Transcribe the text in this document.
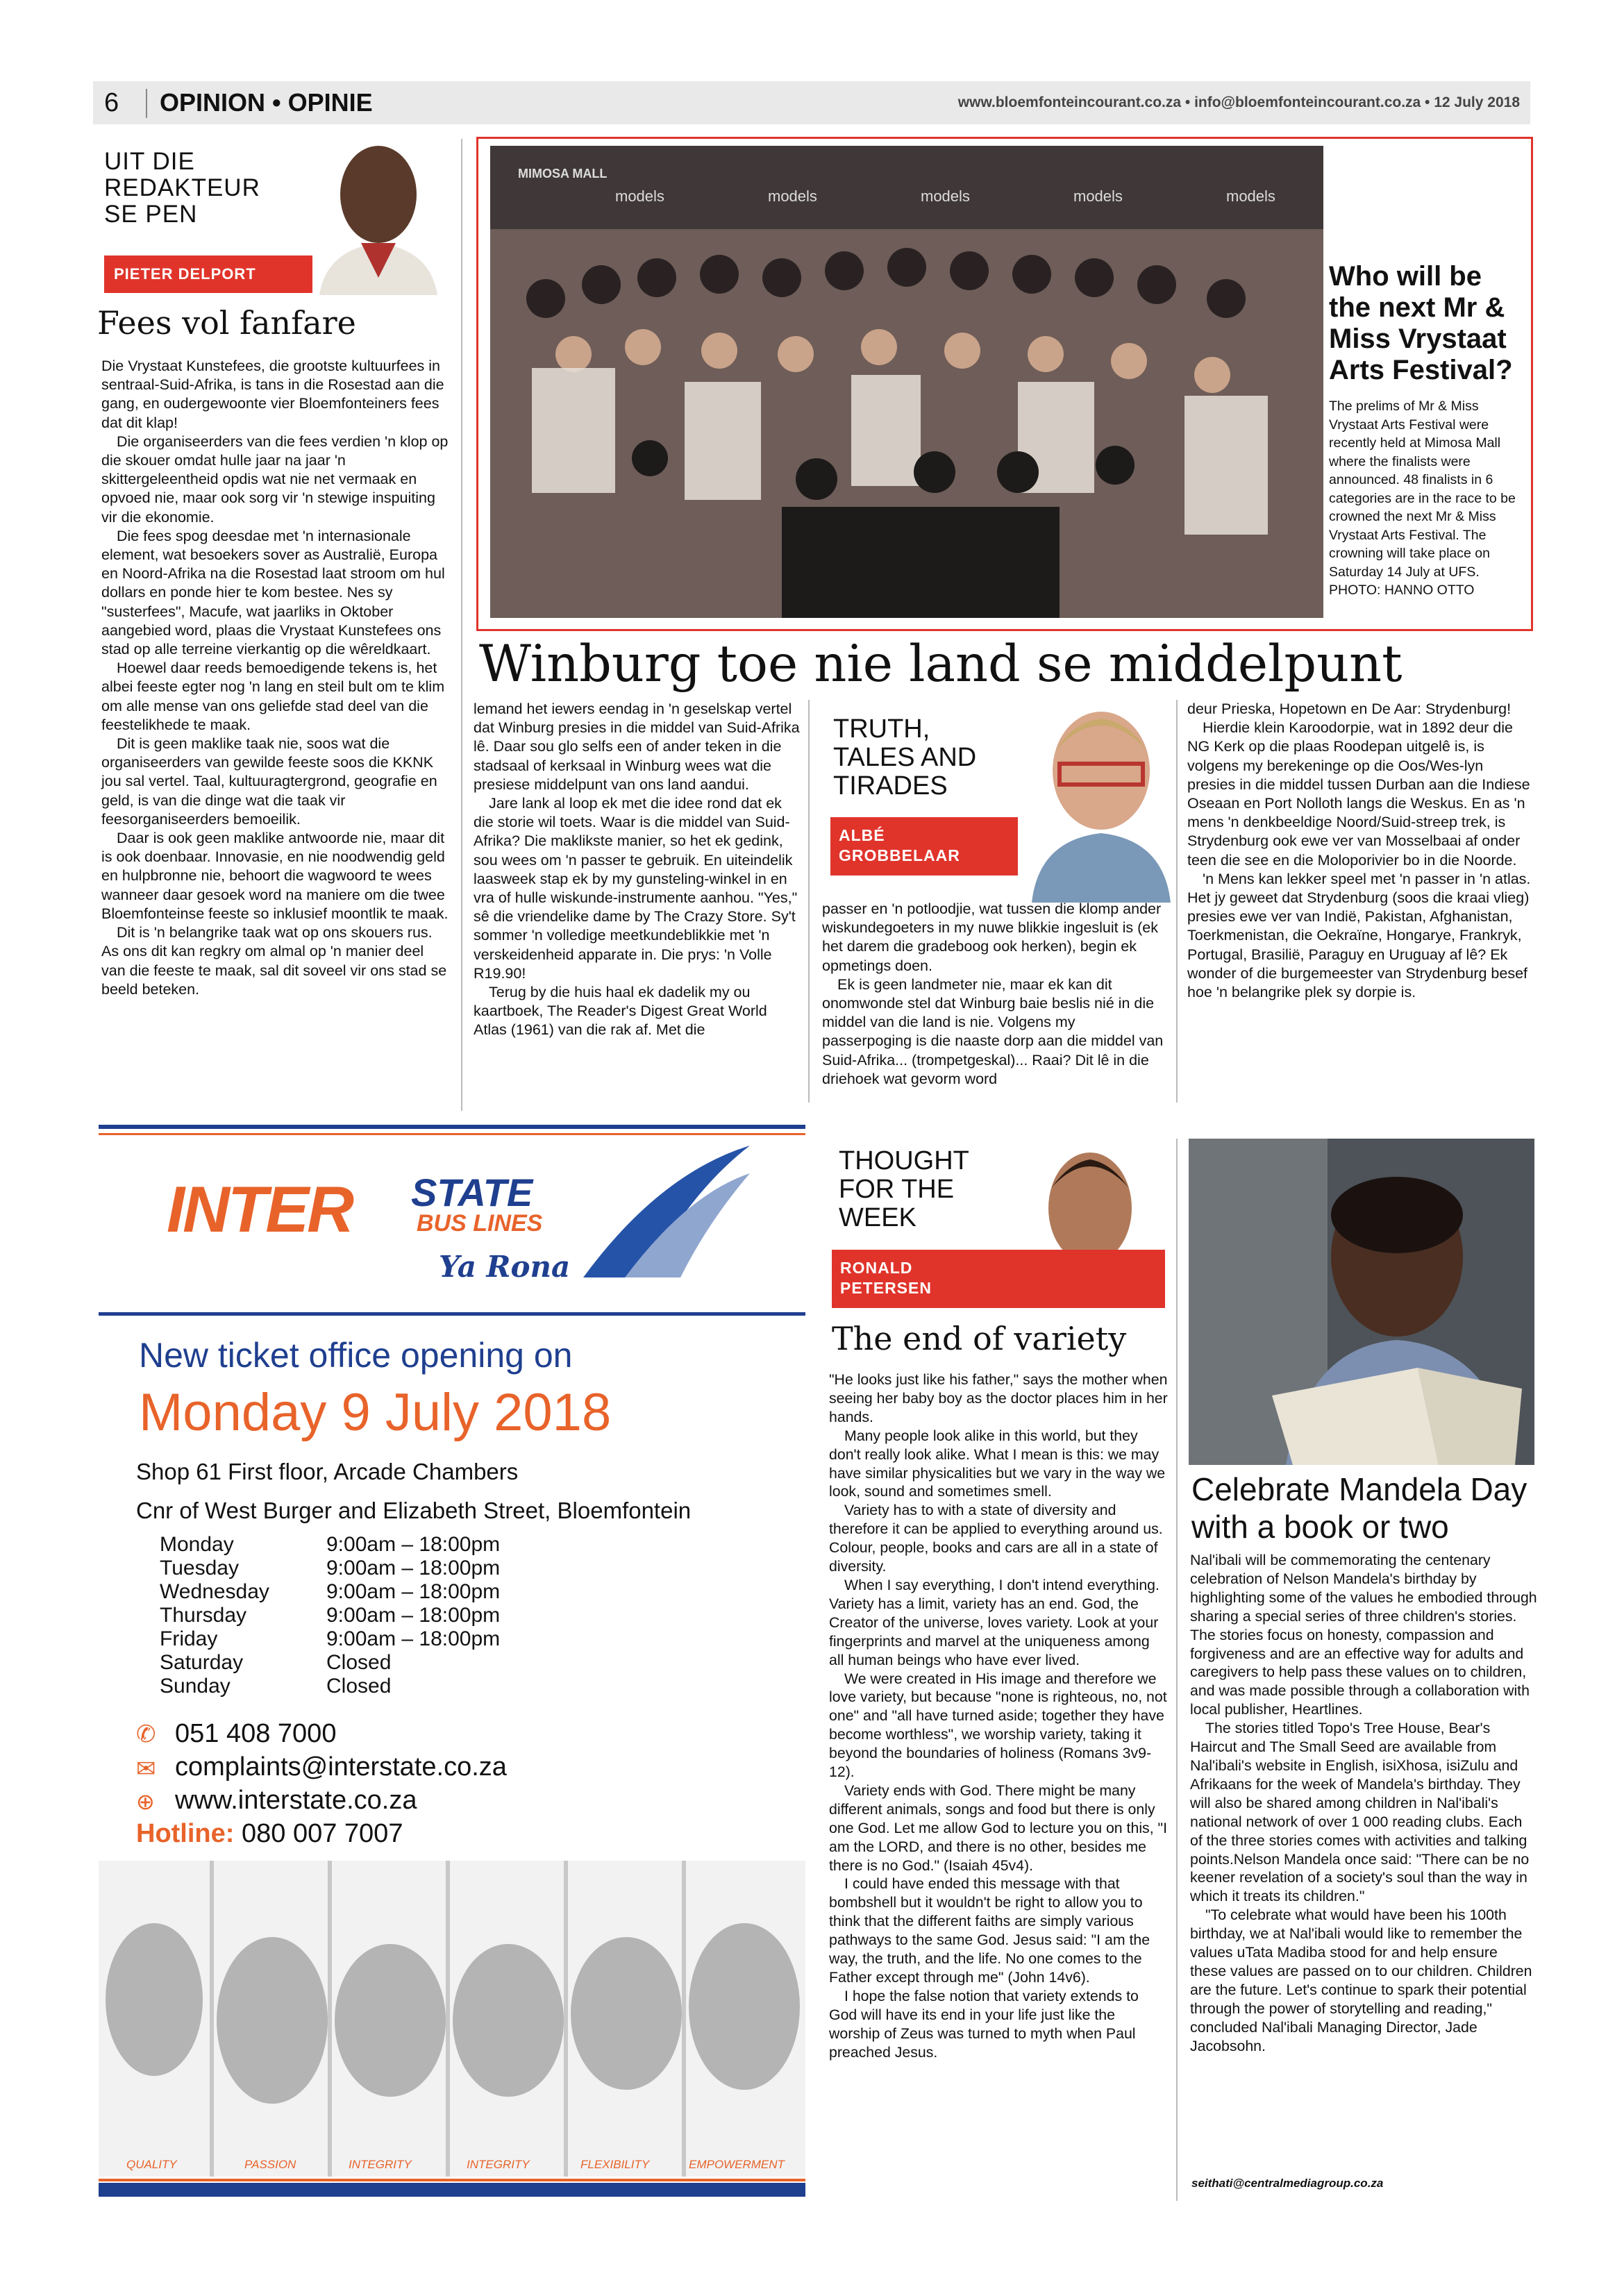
6 OPINION • OPINIE	www.bloemfonteincourant.co.za • info@bloemfonteincourant.co.za • 12 July 2018
UIT DIE
REDAKTEUR
SE PEN
PIETER DELPORT
Fees vol fanfare

Die Vrystaat Kunstefees, die grootste kultuurfees in sentraal-Suid-Afrika, is tans in die Rosestad aan die gang, en oudergewoonte vier Bloemfonteiners fees dat dit klap!

Die organiseerders van die fees verdien 'n klop op die skouer omdat hulle jaar na jaar 'n skittergeleentheid opdis wat nie net vermaak en opvoed nie, maar ook sorg vir 'n stewige inspuiting vir die ekonomie.

Die fees spog deesdae met 'n internasionale element, wat besoekers sover as Australië, Europa en Noord-Afrika na die Rosestad laat stroom om hul dollars en ponde hier te kom bestee. Nes sy "susterfees", Macufe, wat jaarliks in Oktober aangebied word, plaas die Vrystaat Kunstefees ons stad op alle terreine vierkantig op die wêreldkaart.

Hoewel daar reeds bemoedigende tekens is, het albei feeste egter nog 'n lang en steil bult om te klim om alle mense van ons geliefde stad deel van die feestelikhede te maak.

Dit is geen maklike taak nie, soos wat die organiseerders van gewilde feeste soos die KKNK jou sal vertel. Taal, kultuuragtergrond, geografie en geld, is van die dinge wat die taak vir feesorganiseerders bemoeilik.

Daar is ook geen maklike antwoorde nie, maar dit is ook doenbaar. Innovasie, en nie noodwendig geld en hulpbronne nie, behoort die wagwoord te wees wanneer daar gesoek word na maniere om die twee Bloemfonteinse feeste so inklusief moontlik te maak.

Dit is 'n belangrike taak wat op ons skouers rus. As ons dit kan regkry om almal op 'n manier deel van die feeste te maak, sal dit soveel vir ons stad se beeld beteken.

MIMOSA MALL
models	models	models	models	models
Who will be the next Mr & Miss Vrystaat Arts Festival?
The prelims of Mr & Miss Vrystaat Arts Festival were recently held at Mimosa Mall where the finalists were announced. 48 finalists in 6 categories are in the race to be crowned the next Mr & Miss Vrystaat Arts Festival. The crowning will take place on Saturday 14 July at UFS. PHOTO: HANNO OTTO
Winburg toe nie land se middelpunt

lemand het iewers eendag in 'n geselskap vertel dat Winburg presies in die middel van Suid-Afrika lê. Daar sou glo selfs een of ander teken in die stadsaal of kerksaal in Winburg wees wat die presiese middelpunt van ons land aandui.

Jare lank al loop ek met die idee rond dat ek die storie wil toets. Waar is die middel van Suid-Afrika? Die maklikste manier, so het ek gedink, sou wees om 'n passer te gebruik. En uiteindelik laasweek stap ek by my gunsteling-winkel in en vra of hulle wiskunde-instrumente aanhou. "Yes," sê die vriendelike dame by The Crazy Store. Sy't sommer 'n volledige meetkundeblikkie met 'n verskeidenheid apparate in. Die prys: 'n Volle R19.90!

Terug by die huis haal ek dadelik my ou kaartboek, The Reader's Digest Great World Atlas (1961) van die rak af. Met die

TRUTH,
TALES AND
TIRADES
ALBÉ
GROBBELAAR

passer en 'n potloodjie, wat tussen die klomp ander wiskundegoeters in my nuwe blikkie ingesluit is (ek het darem die gradeboog ook herken), begin ek opmetings doen.

Ek is geen landmeter nie, maar ek kan dit onomwonde stel dat Winburg baie beslis nié in die middel van die land is nie. Volgens my passerpoging is die naaste dorp aan die middel van Suid-Afrika... (trompetgeskal)... Raai? Dit lê in die driehoek wat gevorm word

deur Prieska, Hopetown en De Aar: Strydenburg!

Hierdie klein Karoodorpie, wat in 1892 deur die NG Kerk op die plaas Roodepan uitgelê is, is volgens my berekeninge op die Oos/Wes-lyn presies in die middel tussen Durban aan die Indiese Oseaan en Port Nolloth langs die Weskus. En as 'n mens 'n denkbeeldige Noord/Suid-streep trek, is Strydenburg ook ewe ver van Mosselbaai af onder teen die see en die Moloporivier bo in die Noorde.

'n Mens kan lekker speel met 'n passer in 'n atlas. Het jy geweet dat Strydenburg (soos die kraai vlieg) presies ewe ver van Indië, Pakistan, Afghanistan, Toerkmenistan, die Oekraïne, Hongarye, Frankryk, Portugal, Brasilië, Paraguy en Uruguay af lê? Ek wonder of die burgemeester van Strydenburg besef hoe 'n belangrike plek sy dorpie is.

INTER STATE
BUS LINES
Ya Rona
New ticket office opening on
Monday 9 July 2018
Shop 61 First floor, Arcade Chambers
Cnr of West Burger and Elizabeth Street, Bloemfontein
Monday	9:00am – 18:00pm
Tuesday	9:00am – 18:00pm
Wednesday	9:00am – 18:00pm
Thursday	9:00am – 18:00pm
Friday	9:00am – 18:00pm
Saturday	Closed
Sunday	Closed
✆ 051 408 7000
✉ complaints@interstate.co.za
⊕ www.interstate.co.za
Hotline: 080 007 7007
QUALITY	PASSION	INTEGRITY	INTEGRITY	FLEXIBILITY	EMPOWERMENT
THOUGHT
FOR THE
WEEK
RONALD
PETERSEN
The end of variety

"He looks just like his father," says the mother when seeing her baby boy as the doctor places him in her hands.

Many people look alike in this world, but they don't really look alike. What I mean is this: we may have similar physicalities but we vary in the way we look, sound and sometimes smell.

Variety has to with a state of diversity and therefore it can be applied to everything around us. Colour, people, books and cars are all in a state of diversity.

When I say everything, I don't intend everything. Variety has a limit, variety has an end. God, the Creator of the universe, loves variety. Look at your fingerprints and marvel at the uniqueness among all human beings who have ever lived.

We were created in His image and therefore we love variety, but because "none is righteous, no, not one" and "all have turned aside; together they have become worthless", we worship variety, taking it beyond the boundaries of holiness (Romans 3v9-12).

Variety ends with God. There might be many different animals, songs and food but there is only one God. Let me allow God to lecture you on this, "I am the LORD, and there is no other, besides me there is no God." (Isaiah 45v4).

I could have ended this message with that bombshell but it wouldn't be right to allow you to think that the different faiths are simply various pathways to the same God. Jesus said: "I am the way, the truth, and the life. No one comes to the Father except through me" (John 14v6).

I hope the false notion that variety extends to God will have its end in your life just like the worship of Zeus was turned to myth when Paul preached Jesus.

Celebrate Mandela Day with a book or two

Nal'ibali will be commemorating the centenary celebration of Nelson Mandela's birthday by highlighting some of the values he embodied through sharing a special series of three children's stories. The stories focus on honesty, compassion and forgiveness and are an effective way for adults and caregivers to help pass these values on to children, and was made possible through a collaboration with local publisher, Heartlines.

The stories titled Topo's Tree House, Bear's Haircut and The Small Seed are available from Nal'ibali's website in English, isiXhosa, isiZulu and Afrikaans for the week of Mandela's birthday. They will also be shared among children in Nal'ibali's national network of over 1 000 reading clubs. Each of the three stories comes with activities and talking points.Nelson Mandela once said: "There can be no keener revelation of a society's soul than the way in which it treats its children."

"To celebrate what would have been his 100th birthday, we at Nal'ibali would like to remember the values uTata Madiba stood for and help ensure these values are passed on to our children. Children are the future. Let's continue to spark their potential through the power of storytelling and reading," concluded Nal'ibali Managing Director, Jade Jacobsohn.

seithati@centralmediagroup.co.za
